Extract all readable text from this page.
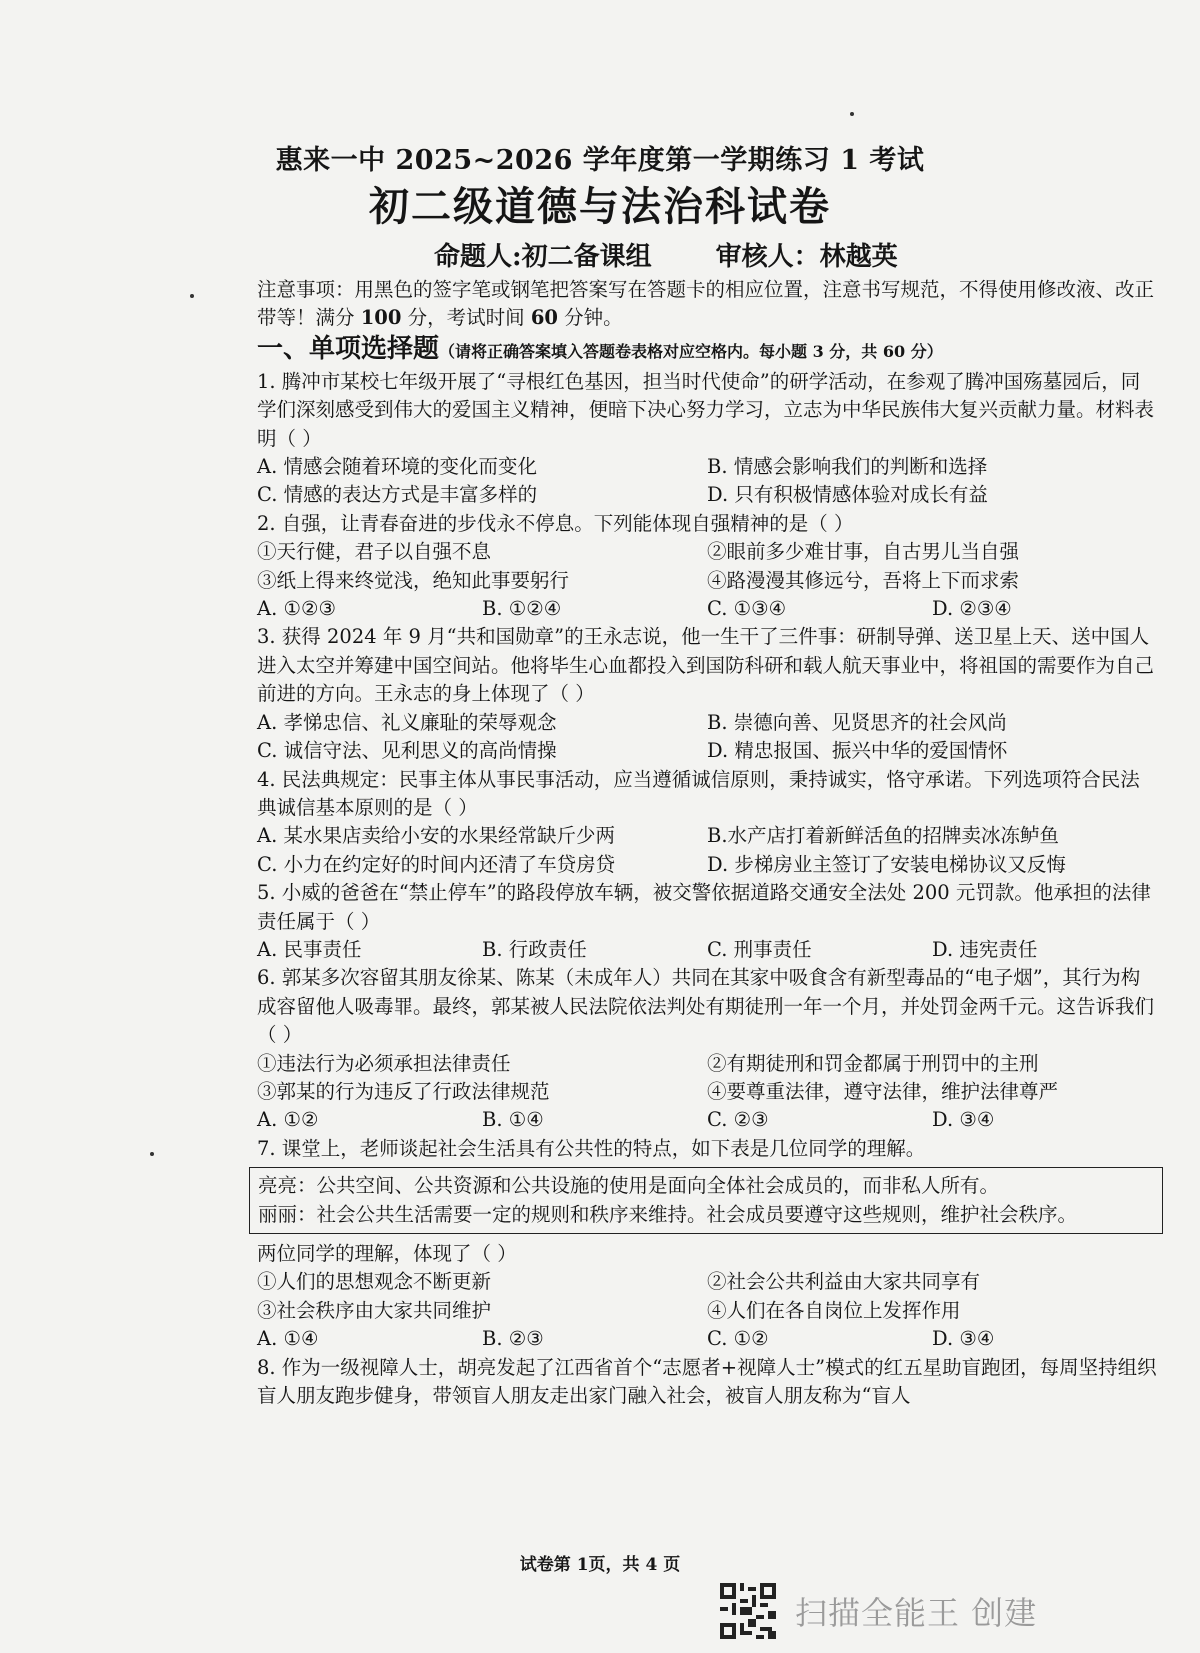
惠来一中 2025~2026 学年度第一学期练习 1 考试
初二级道德与法治科试卷
命题人:初二备课组 审核人：林越英

注意事项：用黑色的签字笔或钢笔把答案写在答题卡的相应位置，注意书写规范，不得使用修改液、改正带等！满分 100 分，考试时间 60 分钟。

一、单项选择题（请将正确答案填入答题卷表格对应空格内。每小题 3 分，共 60 分）

1. 腾冲市某校七年级开展了“寻根红色基因，担当时代使命”的研学活动，在参观了腾冲国殇墓园后，同学们深刻感受到伟大的爱国主义精神，便暗下决心努力学习，立志为中华民族伟大复兴贡献力量。材料表明（ ）

A. 情感会随着环境的变化而变化	B. 情感会影响我们的判断和选择
C. 情感的表达方式是丰富多样的	D. 只有积极情感体验对成长有益

2. 自强，让青春奋进的步伐永不停息。下列能体现自强精神的是（ ）

①天行健，君子以自强不息	②眼前多少难甘事，自古男儿当自强
③纸上得来终觉浅，绝知此事要躬行	④路漫漫其修远兮，吾将上下而求索
A. ①②③	B. ①②④	C. ①③④	D. ②③④

3. 获得 2024 年 9 月“共和国勋章”的王永志说，他一生干了三件事：研制导弹、送卫星上天、送中国人进入太空并筹建中国空间站。他将毕生心血都投入到国防科研和载人航天事业中，将祖国的需要作为自己前进的方向。王永志的身上体现了（ ）

A. 孝悌忠信、礼义廉耻的荣辱观念	B. 崇德向善、见贤思齐的社会风尚
C. 诚信守法、见利思义的高尚情操	D. 精忠报国、振兴中华的爱国情怀

4. 民法典规定：民事主体从事民事活动，应当遵循诚信原则，秉持诚实，恪守承诺。下列选项符合民法典诚信基本原则的是（ ）

A. 某水果店卖给小安的水果经常缺斤少两	B.水产店打着新鲜活鱼的招牌卖冰冻鲈鱼
C. 小力在约定好的时间内还清了车贷房贷	D. 步梯房业主签订了安装电梯协议又反悔

5. 小威的爸爸在“禁止停车”的路段停放车辆，被交警依据道路交通安全法处 200 元罚款。他承担的法律责任属于（ ）

A. 民事责任	B. 行政责任	C. 刑事责任	D. 违宪责任

6. 郭某多次容留其朋友徐某、陈某（未成年人）共同在其家中吸食含有新型毒品的“电子烟”，其行为构成容留他人吸毒罪。最终，郭某被人民法院依法判处有期徒刑一年一个月，并处罚金两千元。这告诉我们（ ）

①违法行为必须承担法律责任	②有期徒刑和罚金都属于刑罚中的主刑
③郭某的行为违反了行政法律规范	④要尊重法律，遵守法律，维护法律尊严
A. ①②	B. ①④	C. ②③	D. ③④

7. 课堂上，老师谈起社会生活具有公共性的特点，如下表是几位同学的理解。

亮亮：公共空间、公共资源和公共设施的使用是面向全体社会成员的，而非私人所有。

丽丽：社会公共生活需要一定的规则和秩序来维持。社会成员要遵守这些规则，维护社会秩序。

两位同学的理解，体现了（ ）

①人们的思想观念不断更新	②社会公共利益由大家共同享有
③社会秩序由大家共同维护	④人们在各自岗位上发挥作用
A. ①④	B. ②③	C. ①②	D. ③④

8. 作为一级视障人士，胡亮发起了江西省首个“志愿者+视障人士”模式的红五星助盲跑团，每周坚持组织盲人朋友跑步健身，带领盲人朋友走出家门融入社会，被盲人朋友称为“盲人

试卷第 1页，共 4 页
扫描全能王 创建
